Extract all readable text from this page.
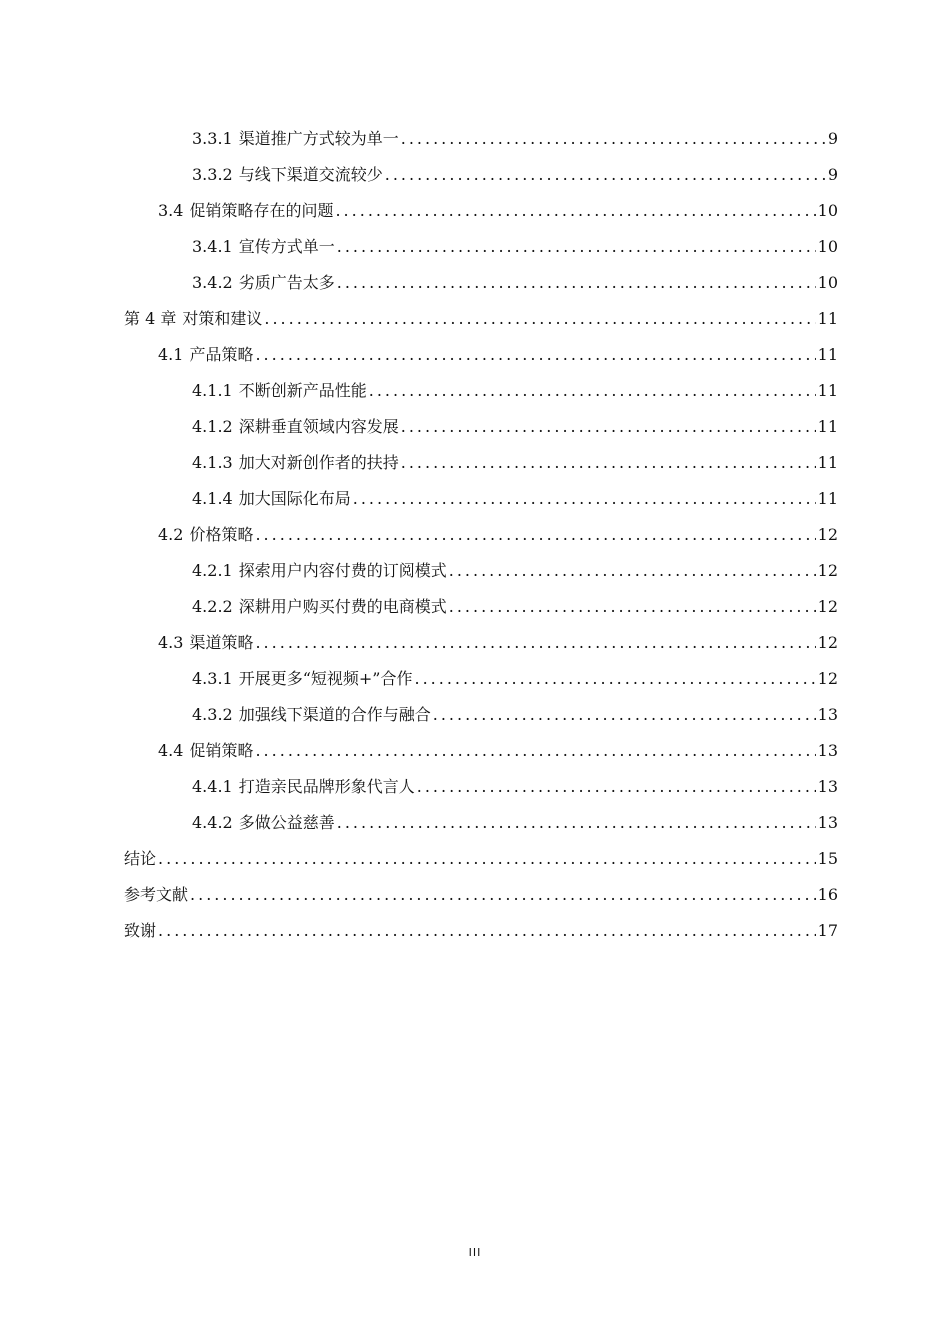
3.3.1 渠道推广方式较为单一 .....	9
3.3.2 与线下渠道交流较少 .....	9
3.4 促销策略存在的问题 .....	10
3.4.1 宣传方式单一 .....	10
3.4.2 劣质广告太多 .....	10
第 4 章 对策和建议 .....	11
4.1 产品策略 .....	11
4.1.1 不断创新产品性能 .....	11
4.1.2 深耕垂直领域内容发展 .....	11
4.1.3 加大对新创作者的扶持 .....	11
4.1.4 加大国际化布局 .....	11
4.2 价格策略 .....	12
4.2.1 探索用户内容付费的订阅模式 .....	12
4.2.2 深耕用户购买付费的电商模式 .....	12
4.3 渠道策略 .....	12
4.3.1 开展更多“短视频+”合作 .....	12
4.3.2 加强线下渠道的合作与融合 .....	13
4.4 促销策略 .....	13
4.4.1 打造亲民品牌形象代言人 .....	13
4.4.2 多做公益慈善 .....	13
结论 .....	15
参考文献 .....	16
致谢 .....	17
III
